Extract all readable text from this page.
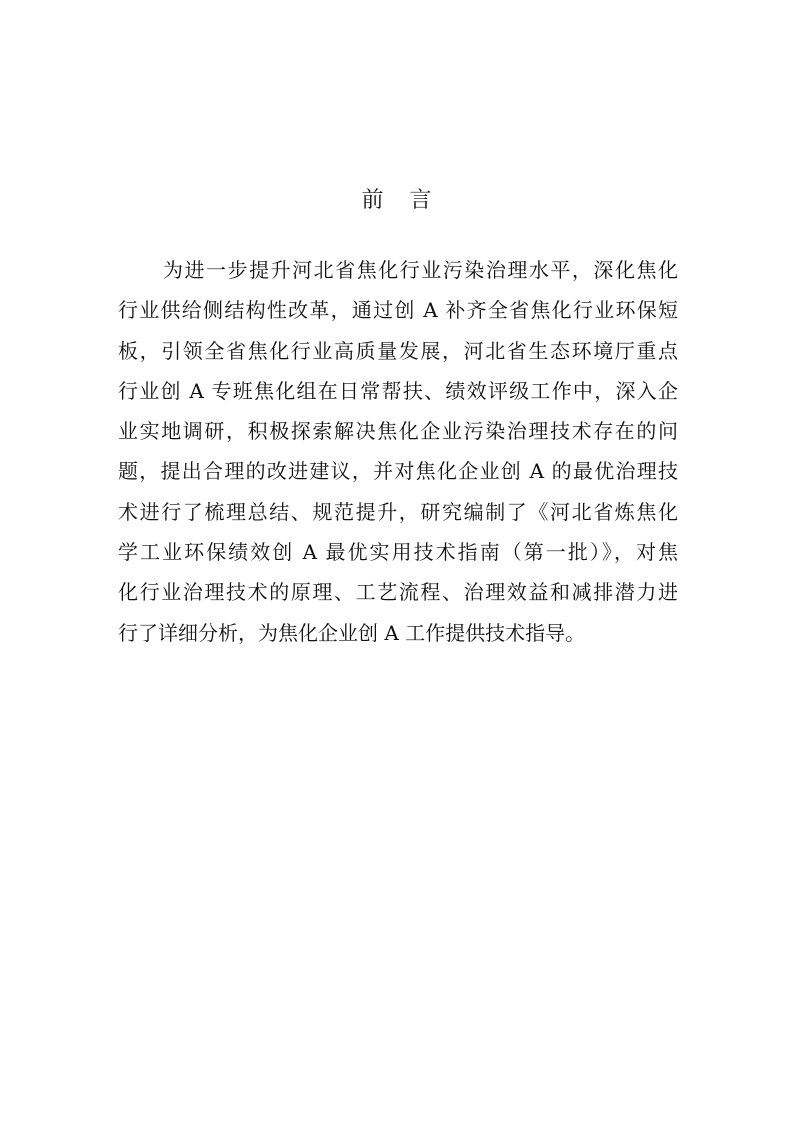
前 言
为进一步提升河北省焦化行业污染治理水平，深化焦化
行业供给侧结构性改革，通过创 A 补齐全省焦化行业环保短
板，引领全省焦化行业高质量发展，河北省生态环境厅重点
行业创 A 专班焦化组在日常帮扶、绩效评级工作中，深入企
业实地调研，积极探索解决焦化企业污染治理技术存在的问
题，提出合理的改进建议，并对焦化企业创 A 的最优治理技
术进行了梳理总结、规范提升，研究编制了《河北省炼焦化
学工业环保绩效创 A 最优实用技术指南（第一批）》，对焦
化行业治理技术的原理、工艺流程、治理效益和减排潜力进
行了详细分析，为焦化企业创 A 工作提供技术指导。
